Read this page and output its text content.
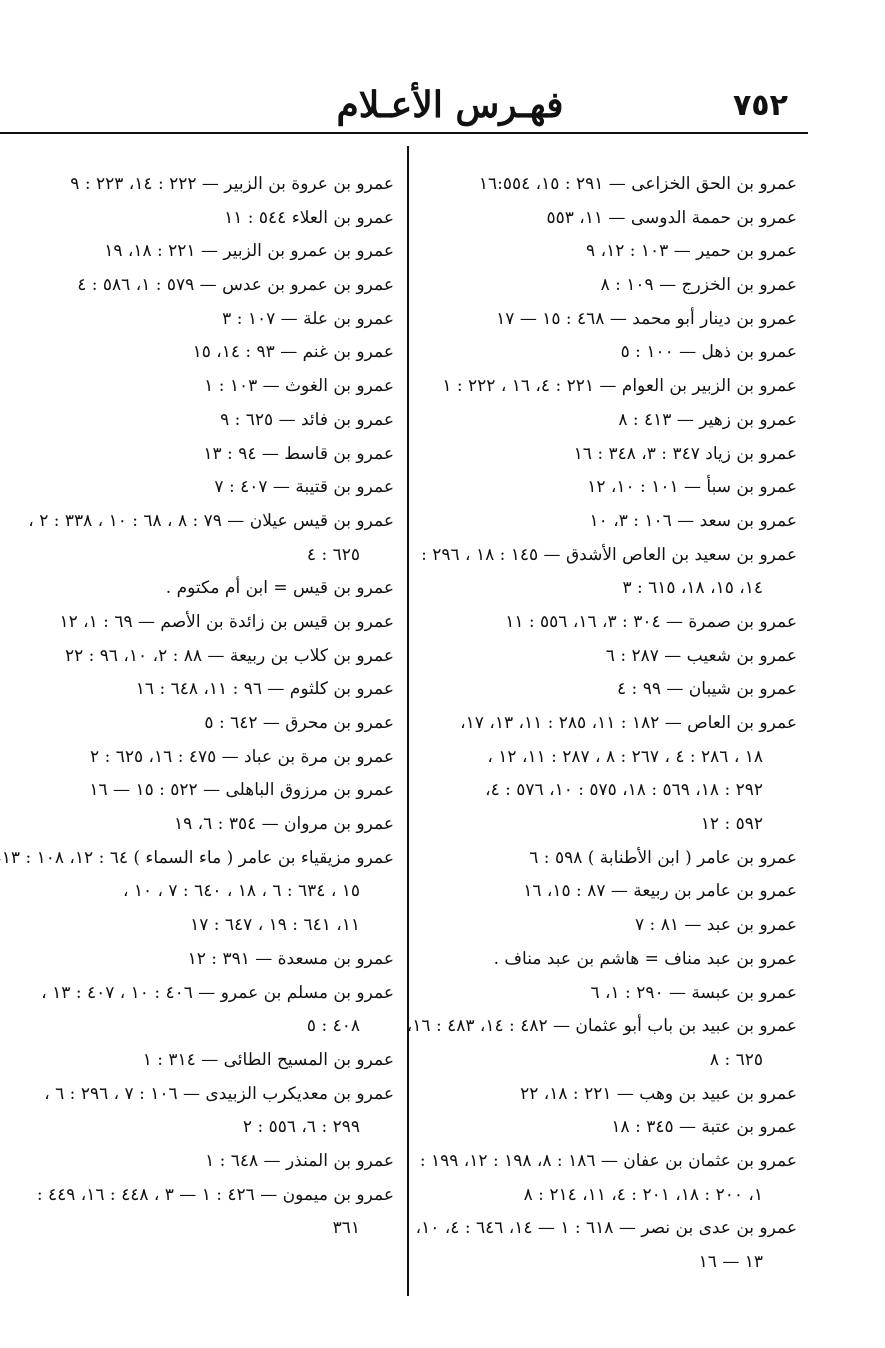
٧٥٢
فهـرس الأعـلام
عمرو بن الحق الخزاعى — ٢٩١ : ١٥، ١٦:٥٥٤
عمرو بن حممة الدوسى — ١١، ٥٥٣
عمرو بن حمير — ١٠٣ : ١٢، ٩
عمرو بن الخزرج — ١٠٩ : ٨
عمرو بن دينار أبو محمد — ٤٦٨ : ١٥ — ١٧
عمرو بن ذهل — ١٠٠ : ٥
عمرو بن الزبير بن العوام — ٢٢١ : ٤، ١٦ ، ٢٢٢ : ١
عمرو بن زهير — ٤١٣ : ٨
عمرو بن زياد ٣٤٧ : ٣، ٣٤٨ : ١٦
عمرو بن سبأ — ١٠١ : ١٠، ١٢
عمرو بن سعد — ١٠٦ : ٣، ١٠
عمرو بن سعيد بن العاص الأشدق — ١٤٥ : ١٨ ، ٢٩٦ :
١٤، ١٥، ١٨، ٦١٥ : ٣
عمرو بن صمرة — ٣٠٤ : ٣، ١٦، ٥٥٦ : ١١
عمرو بن شعيب — ٢٨٧ : ٦
عمرو بن شيبان — ٩٩ : ٤
عمرو بن العاص — ١٨٢ : ١١، ٢٨٥ : ١١، ١٣، ١٧،
١٨ ، ٢٨٦ : ٤ ، ٢٦٧ : ٨ ، ٢٨٧ : ١١، ١٢ ،
٢٩٢ : ١٨، ٥٦٩ : ١٨، ٥٧٥ : ١٠، ٥٧٦ : ٤،
٥٩٢ : ١٢
عمرو بن عامر ( ابن الأطنابة ) ٥٩٨ : ٦
عمرو بن عامر بن ربيعة — ٨٧ : ١٥، ١٦
عمرو بن عبد — ٨١ : ٧
عمرو بن عبد مناف = هاشم بن عبد مناف .
عمرو بن عبسة — ٢٩٠ : ١، ٦
عمرو بن عبيد بن باب أبو عثمان — ٤٨٢ : ١٤، ٤٨٣ : ١٦،
٦٢٥ : ٨
عمرو بن عبيد بن وهب — ٢٢١ : ١٨، ٢٢
عمرو بن عتبة — ٣٤٥ : ١٨
عمرو بن عثمان بن عفان — ١٨٦ : ٨، ١٩٨ : ١٢، ١٩٩ :
١، ٢٠٠ : ١٨، ٢٠١ : ٤، ١١، ٢١٤ : ٨
عمرو بن عدى بن نصر — ٦١٨ : ١ — ١٤، ٦٤٦ : ٤، ١٠،
١٣ — ١٦
عمرو بن عروة بن الزبير — ٢٢٢ : ١٤، ٢٢٣ : ٩
عمرو بن العلاء ٥٤٤ : ١١
عمرو بن عمرو بن الزبير — ٢٢١ : ١٨، ١٩
عمرو بن عمرو بن عدس — ٥٧٩ : ١، ٥٨٦ : ٤
عمرو بن علة — ١٠٧ : ٣
عمرو بن غنم — ٩٣ : ١٤، ١٥
عمرو بن الغوث — ١٠٣ : ١
عمرو بن فائد — ٦٢٥ : ٩
عمرو بن قاسط — ٩٤ : ١٣
عمرو بن قتيبة — ٤٠٧ : ٧
عمرو بن قيس عيلان — ٧٩ : ٨ ، ٦٨ : ١٠ ، ٣٣٨ : ٢ ،
٦٢٥ : ٤
عمرو بن قيس = ابن أم مكتوم .
عمرو بن قيس بن زائدة بن الأصم — ٦٩ : ١، ١٢
عمرو بن كلاب بن ربيعة — ٨٨ : ٢، ١٠، ٩٦ : ٢٢
عمرو بن كلثوم — ٩٦ : ١١، ٦٤٨ : ١٦
عمرو بن محرق — ٦٤٢ : ٥
عمرو بن مرة بن عباد — ٤٧٥ : ١٦، ٦٢٥ : ٢
عمرو بن مرزوق الباهلى — ٥٢٢ : ١٥ — ١٦
عمرو بن مروان — ٣٥٤ : ٦، ١٩
عمرو مزيقياء بن عامر ( ماء السماء ) ٦٤ : ١٢، ١٠٨ : ١٣
١٥ ، ٦٣٤ : ٦ ، ١٨ ، ٦٤٠ : ٧ ، ١٠ ،
١١، ٦٤١ : ١٩ ، ٦٤٧ : ١٧
عمرو بن مسعدة — ٣٩١ : ١٢
عمرو بن مسلم بن عمرو — ٤٠٦ : ١٠ ، ٤٠٧ : ١٣ ،
٤٠٨ : ٥
عمرو بن المسيح الطائى — ٣١٤ : ١
عمرو بن معديكرب الزبيدى — ١٠٦ : ٧ ، ٢٩٦ : ٦ ،
٢٩٩ : ٦، ٥٥٦ : ٢
عمرو بن المنذر — ٦٤٨ : ١
عمرو بن ميمون — ٤٢٦ : ١ — ٣ ، ٤٤٨ : ١٦، ٤٤٩ :
٣٦١
